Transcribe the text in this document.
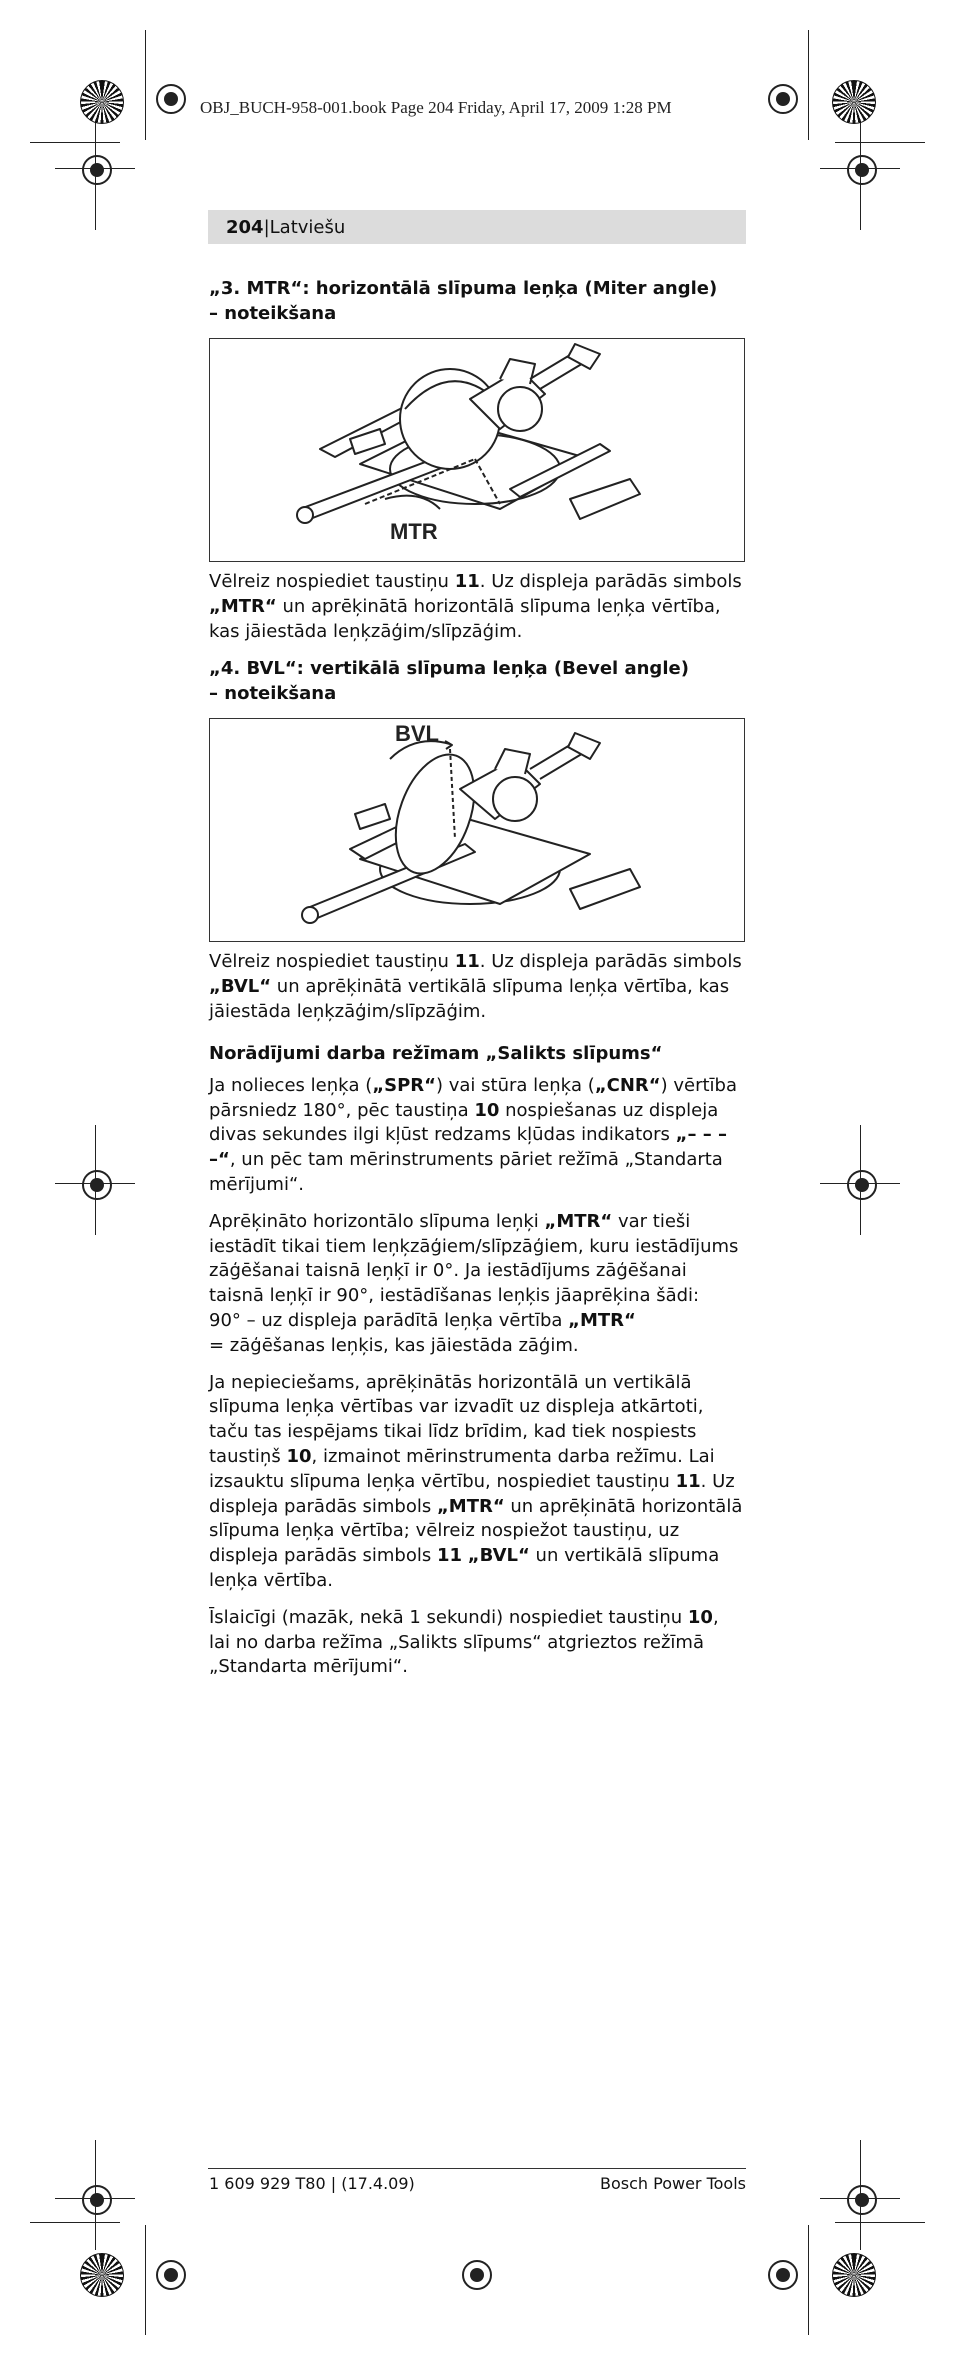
OBJ_BUCH-958-001.book Page 204 Friday, April 17, 2009 1:28 PM
204 | Latviešu

„3. MTR“: horizontālā slīpuma leņķa (Miter angle)
– noteikšana

MTR

Vēlreiz nospiediet taustiņu 11. Uz displeja parādās simbols „MTR“ un aprēķinātā horizontālā slīpuma leņķa vērtība, kas jāiestāda leņķzāģim/slīpzāģim.

„4. BVL“: vertikālā slīpuma leņķa (Bevel angle)
– noteikšana

BVL

Vēlreiz nospiediet taustiņu 11. Uz displeja parādās simbols „BVL“ un aprēķinātā vertikālā slīpuma leņķa vērtība, kas jāiestāda leņķzāģim/slīpzāģim.

Norādījumi darba režīmam „Salikts slīpums“

Ja nolieces leņķa („SPR“) vai stūra leņķa („CNR“) vērtība pārsniedz 180°, pēc taustiņa 10 nospiešanas uz displeja divas sekundes ilgi kļūst redzams kļūdas indikators „– – – –“, un pēc tam mērinstruments pāriet režīmā „Standarta mērījumi“.

Aprēķināto horizontālo slīpuma leņķi „MTR“ var tieši iestādīt tikai tiem leņķzāģiem/slīpzāģiem, kuru iestādījums zāģēšanai taisnā leņķī ir 0°. Ja iestādījums zāģēšanai taisnā leņķī ir 90°, iestādīšanas leņķis jāaprēķina šādi:
90° – uz displeja parādītā leņķa vērtība „MTR“
= zāģēšanas leņķis, kas jāiestāda zāģim.

Ja nepieciešams, aprēķinātās horizontālā un vertikālā slīpuma leņķa vērtības var izvadīt uz displeja atkārtoti, taču tas iespējams tikai līdz brīdim, kad tiek nospiests taustiņš 10, izmainot mērinstrumenta darba režīmu. Lai izsauktu slīpuma leņķa vērtību, nospiediet taustiņu 11. Uz displeja parādās simbols „MTR“ un aprēķinātā horizontālā slīpuma leņķa vērtība; vēlreiz nospiežot taustiņu, uz displeja parādās simbols 11 „BVL“ un vertikālā slīpuma leņķa vērtība.

Īslaicīgi (mazāk, nekā 1 sekundi) nospiediet taustiņu 10, lai no darba režīma „Salikts slīpums“ atgrieztos režīmā „Standarta mērījumi“.

1 609 929 T80 | (17.4.09)	Bosch Power Tools
